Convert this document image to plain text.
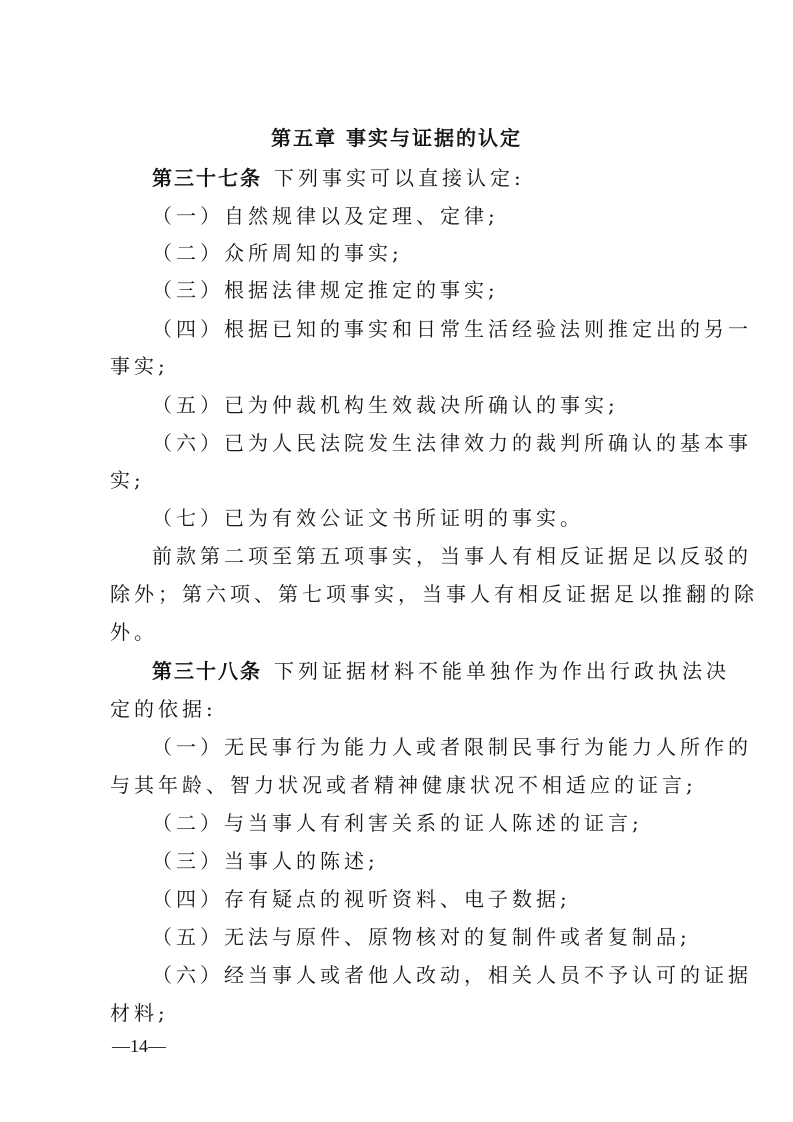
第五章 事实与证据的认定
第三十七条 下列事实可以直接认定:
（一）自然规律以及定理、定律;
（二）众所周知的事实;
（三）根据法律规定推定的事实;
（四）根据已知的事实和日常生活经验法则推定出的另一
事实;
（五）已为仲裁机构生效裁决所确认的事实;
（六）已为人民法院发生法律效力的裁判所确认的基本事
实;
（七）已为有效公证文书所证明的事实。
前款第二项至第五项事实，当事人有相反证据足以反驳的
除外；第六项、第七项事实，当事人有相反证据足以推翻的除
外。
第三十八条 下列证据材料不能单独作为作出行政执法决
定的依据:
（一）无民事行为能力人或者限制民事行为能力人所作的
与其年龄、智力状况或者精神健康状况不相适应的证言;
（二）与当事人有利害关系的证人陈述的证言;
（三）当事人的陈述;
（四）存有疑点的视听资料、电子数据;
（五）无法与原件、原物核对的复制件或者复制品;
（六）经当事人或者他人改动，相关人员不予认可的证据
材料;
—14—
